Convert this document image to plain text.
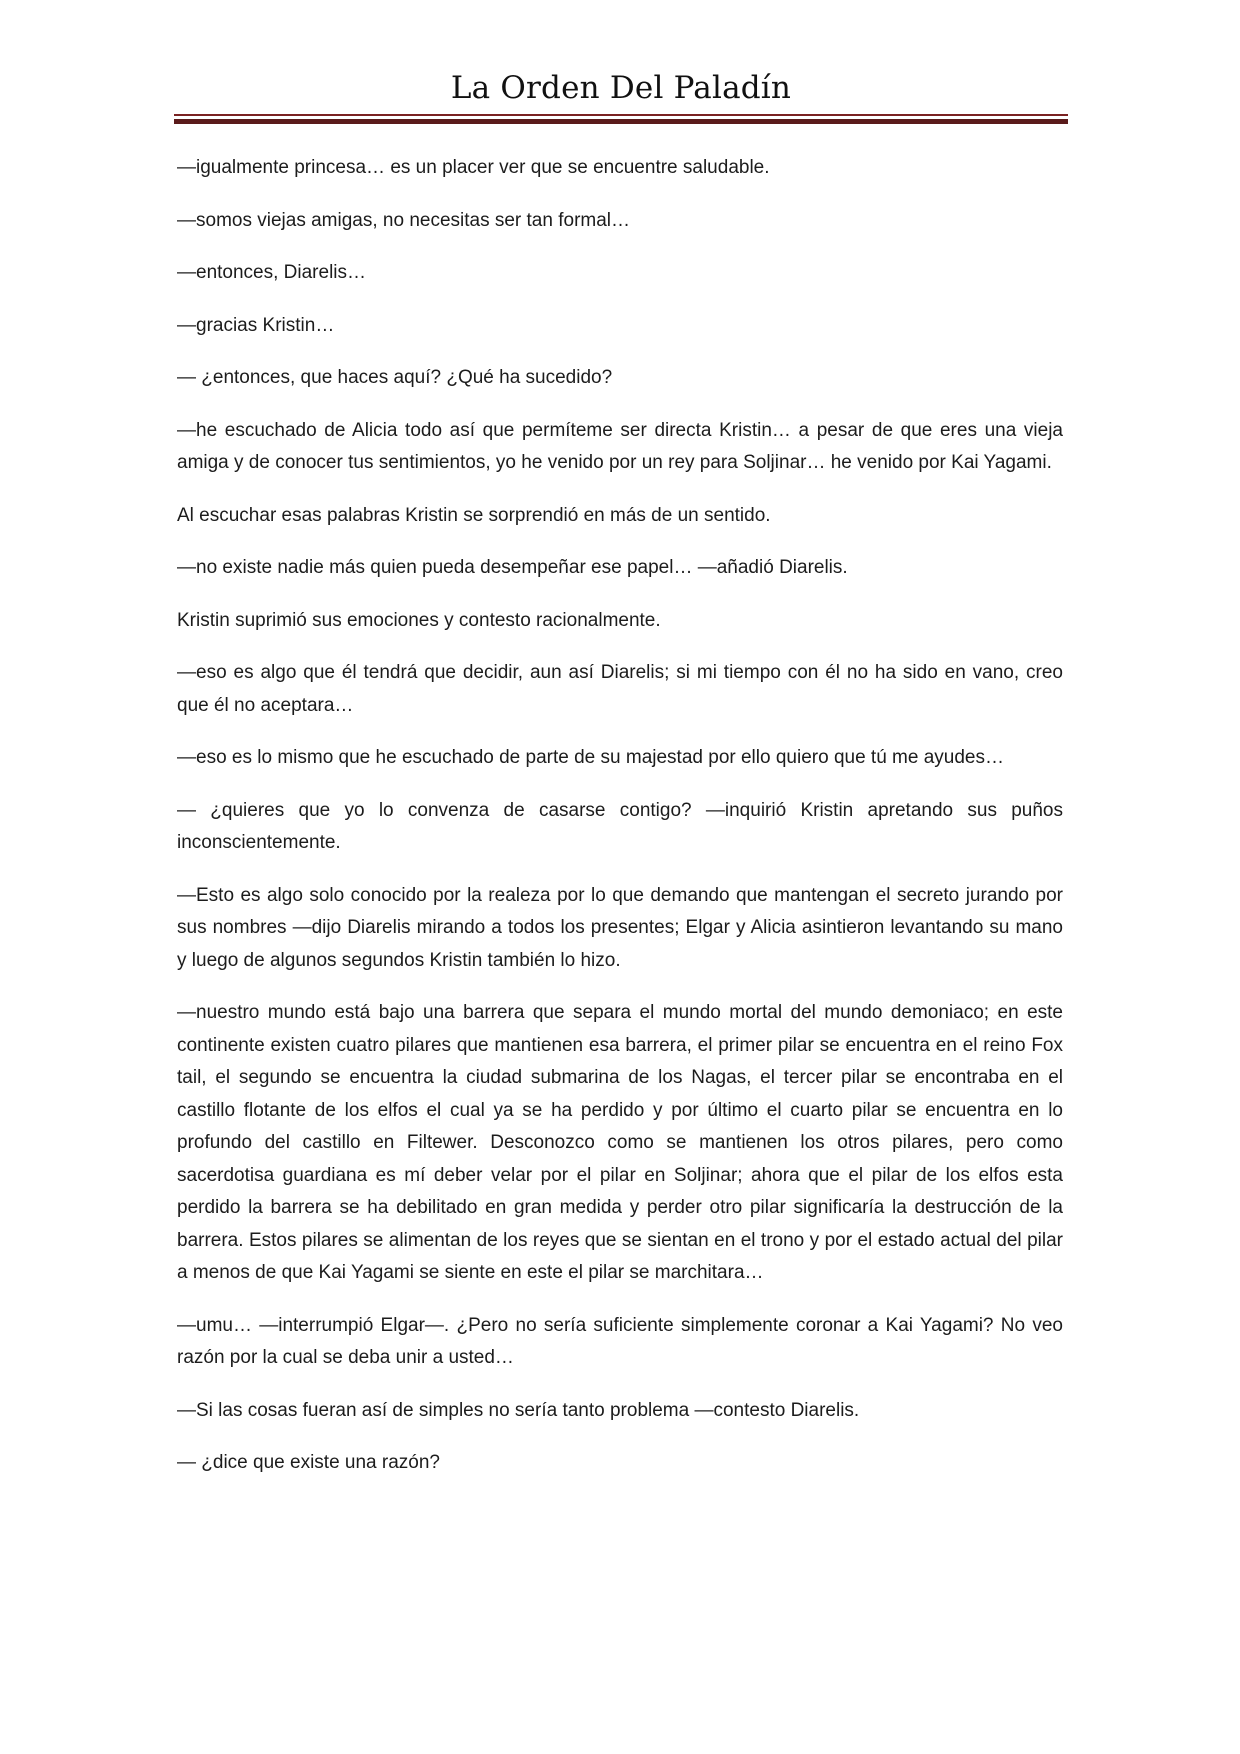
La Orden Del Paladín

—igualmente princesa… es un placer ver que se encuentre saludable.

—somos viejas amigas, no necesitas ser tan formal…

—entonces, Diarelis…

—gracias Kristin…

— ¿entonces, que haces aquí? ¿Qué ha sucedido?

—he escuchado de Alicia todo así que permíteme ser directa Kristin… a pesar de que eres una vieja amiga y de conocer tus sentimientos, yo he venido por un rey para Soljinar… he venido por Kai Yagami.

Al escuchar esas palabras Kristin se sorprendió en más de un sentido.

—no existe nadie más quien pueda desempeñar ese papel… —añadió Diarelis.

Kristin suprimió sus emociones y contesto racionalmente.

—eso es algo que él tendrá que decidir, aun así Diarelis; si mi tiempo con él no ha sido en vano, creo que él no aceptara…

—eso es lo mismo que he escuchado de parte de su majestad por ello quiero que tú me ayudes…

— ¿quieres que yo lo convenza de casarse contigo? —inquirió Kristin apretando sus puños inconscientemente.

—Esto es algo solo conocido por la realeza por lo que demando que mantengan el secreto jurando por sus nombres —dijo Diarelis mirando a todos los presentes; Elgar y Alicia asintieron levantando su mano y luego de algunos segundos Kristin también lo hizo.

—nuestro mundo está bajo una barrera que separa el mundo mortal del mundo demoniaco; en este continente existen cuatro pilares que mantienen esa barrera, el primer pilar se encuentra en el reino Fox tail, el segundo se encuentra la ciudad submarina de los Nagas, el tercer pilar se encontraba en el castillo flotante de los elfos el cual ya se ha perdido y por último el cuarto pilar se encuentra en lo profundo del castillo en Filtewer. Desconozco como se mantienen los otros pilares, pero como sacerdotisa guardiana es mí deber velar por el pilar en Soljinar; ahora que el pilar de los elfos esta perdido la barrera se ha debilitado en gran medida y perder otro pilar significaría la destrucción de la barrera. Estos pilares se alimentan de los reyes que se sientan en el trono y por el estado actual del pilar a menos de que Kai Yagami se siente en este el pilar se marchitara…

—umu… —interrumpió Elgar—. ¿Pero no sería suficiente simplemente coronar a Kai Yagami? No veo razón por la cual se deba unir a usted…

—Si las cosas fueran así de simples no sería tanto problema —contesto Diarelis.

— ¿dice que existe una razón?
